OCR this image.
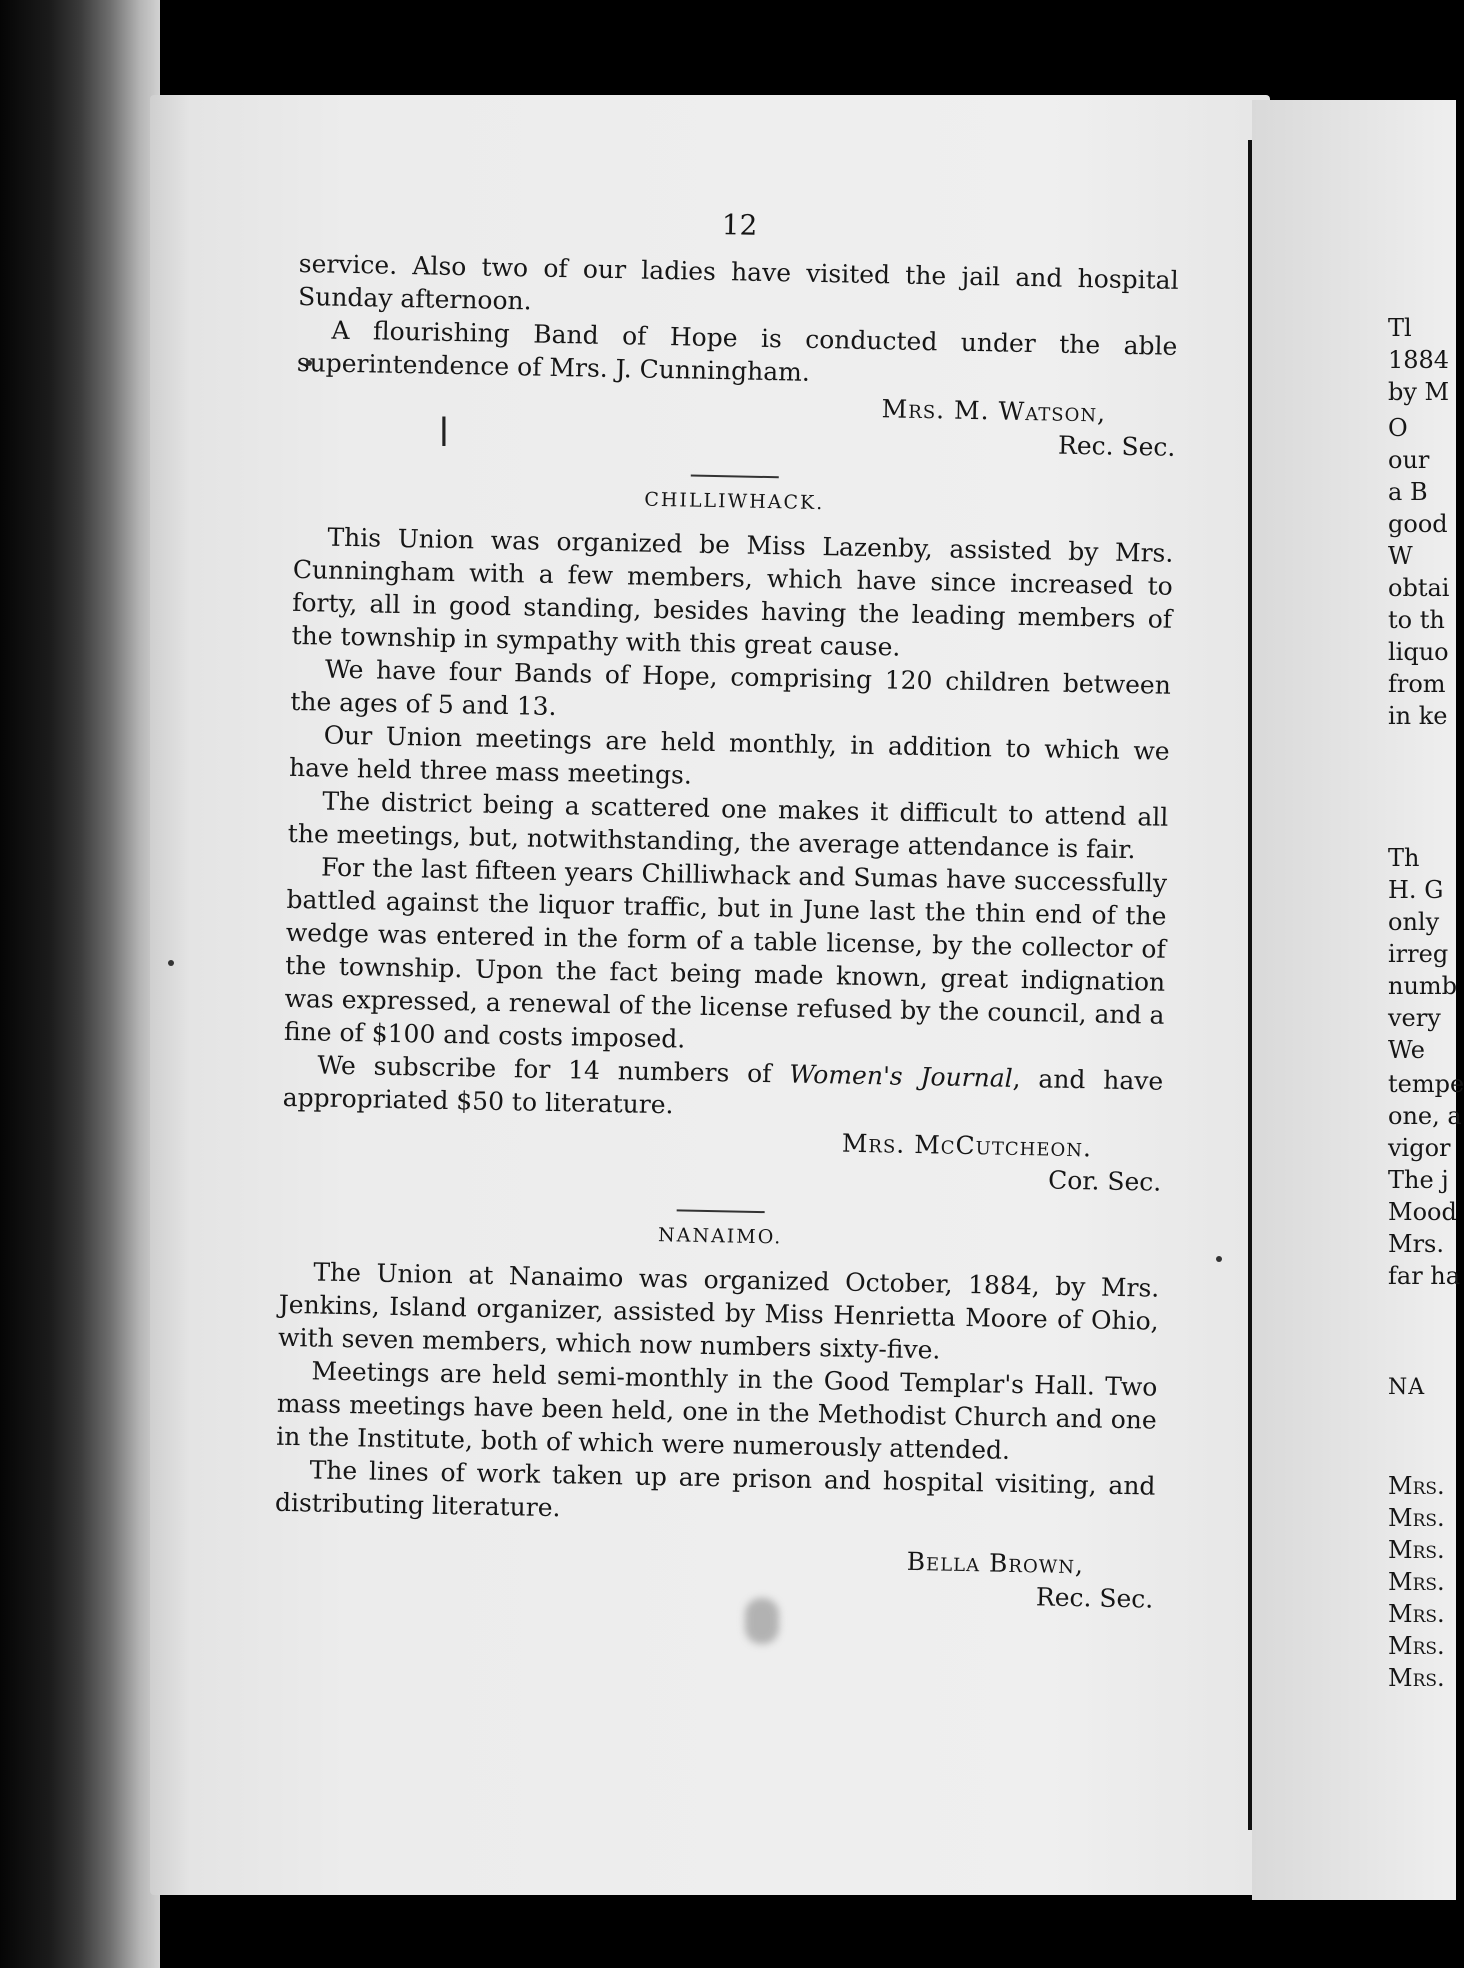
ǀ
12

service. Also two of our ladies have visited the jail and hospital Sunday afternoon.

A flourishing Band of Hope is conducted under the able superintendence of Mrs. J. Cunningham.

Mrs. M. Watson,
Rec. Sec.
CHILLIWHACK.

This Union was organized be Miss Lazenby, assisted by Mrs. Cunningham with a few members, which have since increased to forty, all in good standing, besides having the leading members of the township in sympathy with this great cause.

We have four Bands of Hope, comprising 120 children between the ages of 5 and 13.

Our Union meetings are held monthly, in addition to which we have held three mass meetings.

The district being a scattered one makes it difficult to attend all the meetings, but, notwithstanding, the average attendance is fair.

For the last fifteen years Chilliwhack and Sumas have successfully battled against the liquor traffic, but in June last the thin end of the wedge was entered in the form of a table license, by the collector of the township. Upon the fact being made known, great indignation was expressed, a renewal of the license refused by the council, and a fine of $100 and costs imposed.

We subscribe for 14 numbers of Women's Journal, and have appropriated $50 to literature.

Mrs. McCutcheon.
Cor. Sec.
NANAIMO.

The Union at Nanaimo was organized October, 1884, by Mrs. Jenkins, Island organizer, assisted by Miss Henrietta Moore of Ohio, with seven members, which now numbers sixty-five.

Meetings are held semi-monthly in the Good Templar's Hall. Two mass meetings have been held, one in the Methodist Church and one in the Institute, both of which were numerously attended.

The lines of work taken up are prison and hospital visiting, and distributing literature.

Bella Brown,
Rec. Sec.
Tl
1884
by M
O
our
a B
good
W
obtai
to th
liquo
from
in ke
Th
H. G
only
irreg
numb
very
We
tempe
one, a
vigor
The j
Mood
Mrs.
far ha
NA
Mrs.
Mrs.
Mrs.
Mrs.
Mrs.
Mrs.
Mrs.
